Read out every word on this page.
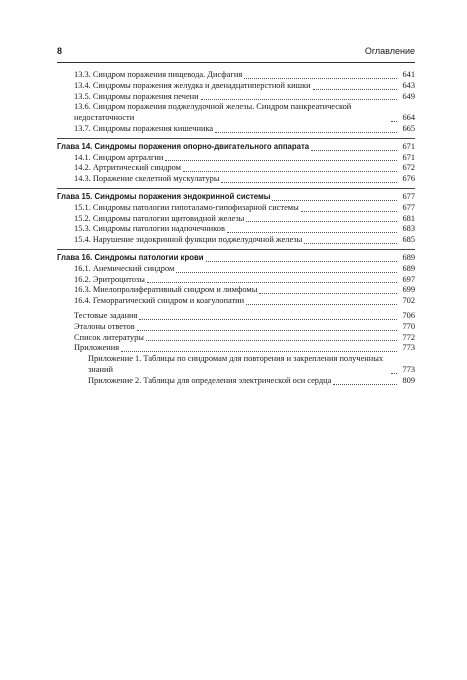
8	Оглавление
13.3. Синдром поражения пищевода. Дисфагия	641
13.4. Синдромы поражения желудка и двенадцатиперстной кишки	643
13.5. Синдромы поражения печени	649
13.6. Синдром поражения поджелудочной железы. Синдром панкреатической недостаточности	664
13.7. Синдромы поражения кишечника	665
Глава 14. Синдромы поражения опорно-двигательного аппарата	671
14.1. Синдром артралгии	671
14.2. Артритический синдром	672
14.3. Поражение скелетной мускулатуры	676
Глава 15. Синдромы поражения эндокринной системы	677
15.1. Синдромы патологии гипоталамо-гипофизарной системы	677
15.2. Синдромы патологии щитовидной железы	681
15.3. Синдромы патологии надпочечников	683
15.4. Нарушение эндокринной функции поджелудочной железы	685
Глава 16. Синдромы патологии крови	689
16.1. Анемический синдром	689
16.2. Эритроцитозы	697
16.3. Миелопролиферативный синдром и лимфомы	699
16.4. Геморрагический синдром и коагулопатии	702
Тестовые задания	706
Эталоны ответов	770
Список литературы	772
Приложения	773
Приложение 1. Таблицы по синдромам для повторения и закрепления полученных знаний	773
Приложение 2. Таблицы для определения электрической оси сердца	809
